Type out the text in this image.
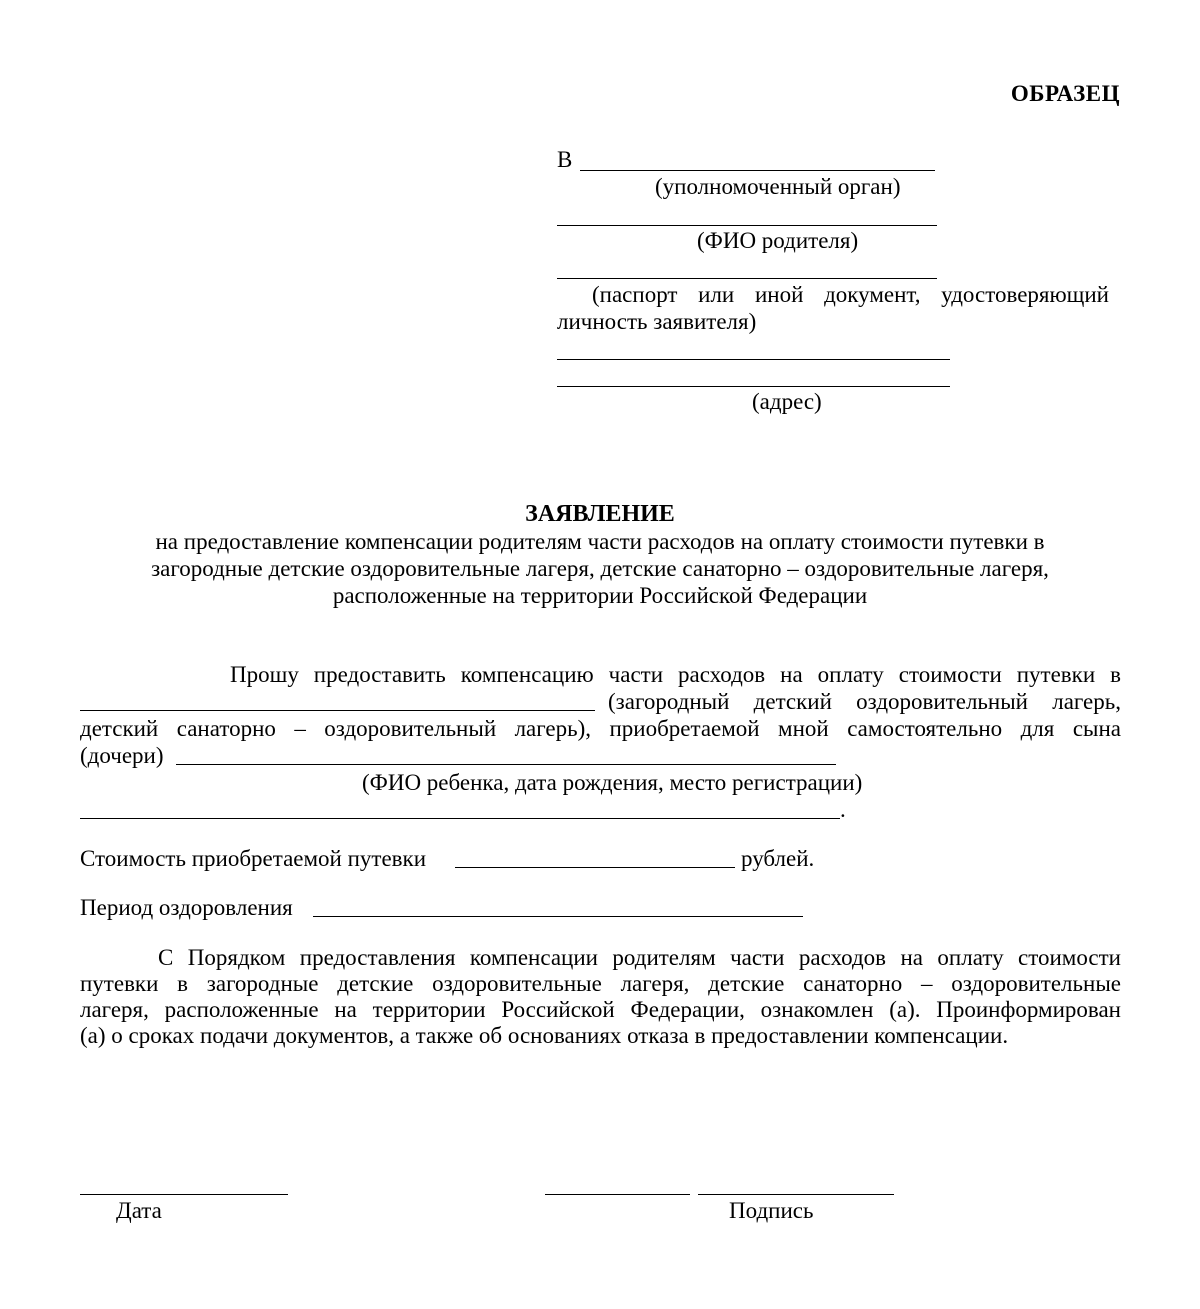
ОБРАЗЕЦ
В
(уполномоченный орган)
(ФИО родителя)
(паспорт или иной документ, удостоверяющий
личность заявителя)
(адрес)
ЗАЯВЛЕНИЕ
на предоставление компенсации родителям части расходов на оплату стоимости путевки в
загородные детские оздоровительные лагеря, детские санаторно – оздоровительные лагеря,
расположенные на территории Российской Федерации
Прошу предоставить компенсацию части расходов на оплату стоимости путевки в
(загородный детский оздоровительный лагерь,
детский санаторно – оздоровительный лагерь), приобретаемой мной самостоятельно для сына
(дочери)
(ФИО ребенка, дата рождения, место регистрации)
.
Стоимость приобретаемой путевки	рублей.
Период оздоровления
С Порядком предоставления компенсации родителям части расходов на оплату стоимости
путевки в загородные детские оздоровительные лагеря, детские санаторно – оздоровительные
лагеря, расположенные на территории Российской Федерации, ознакомлен (а). Проинформирован
(а) о сроках подачи документов, а также об основаниях отказа в предоставлении компенсации.
Дата	Подпись
